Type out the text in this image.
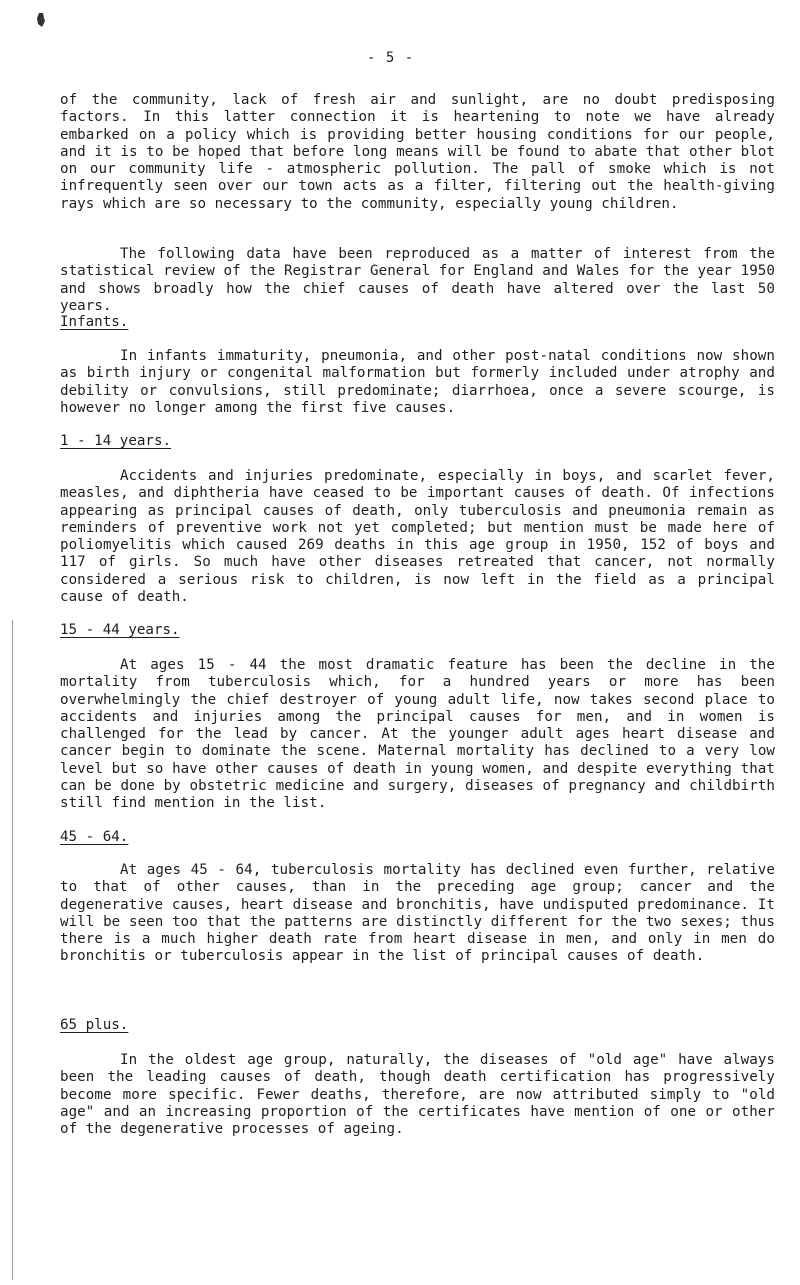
- 5 -

of the community, lack of fresh air and sunlight, are no doubt predisposing factors. In this latter connection it is heartening to note we have already embarked on a policy which is providing better housing conditions for our people, and it is to be hoped that before long means will be found to abate that other blot on our community life - atmospheric pollution. The pall of smoke which is not infrequently seen over our town acts as a filter, filtering out the health-giving rays which are so necessary to the community, especially young children.

The following data have been reproduced as a matter of interest from the statistical review of the Registrar General for England and Wales for the year 1950 and shows broadly how the chief causes of death have altered over the last 50 years.

Infants.

In infants immaturity, pneumonia, and other post-natal conditions now shown as birth injury or congenital malformation but formerly included under atrophy and debility or convulsions, still predominate; diarrhoea, once a severe scourge, is however no longer among the first five causes.

1 - 14 years.

Accidents and injuries predominate, especially in boys, and scarlet fever, measles, and diphtheria have ceased to be important causes of death. Of infections appearing as principal causes of death, only tuberculosis and pneumonia remain as reminders of preventive work not yet completed; but mention must be made here of poliomyelitis which caused 269 deaths in this age group in 1950, 152 of boys and 117 of girls. So much have other diseases retreated that cancer, not normally considered a serious risk to children, is now left in the field as a principal cause of death.

15 - 44 years.

At ages 15 - 44 the most dramatic feature has been the decline in the mortality from tuberculosis which, for a hundred years or more has been overwhelmingly the chief destroyer of young adult life, now takes second place to accidents and injuries among the principal causes for men, and in women is challenged for the lead by cancer. At the younger adult ages heart disease and cancer begin to dominate the scene. Maternal mortality has declined to a very low level but so have other causes of death in young women, and despite everything that can be done by obstetric medicine and surgery, diseases of pregnancy and childbirth still find mention in the list.

45 - 64.

At ages 45 - 64, tuberculosis mortality has declined even further, relative to that of other causes, than in the preceding age group; cancer and the degenerative causes, heart disease and bronchitis, have undisputed predominance. It will be seen too that the patterns are distinctly different for the two sexes; thus there is a much higher death rate from heart disease in men, and only in men do bronchitis or tuberculosis appear in the list of principal causes of death.

65 plus.

In the oldest age group, naturally, the diseases of "old age" have always been the leading causes of death, though death certification has progressively become more specific. Fewer deaths, therefore, are now attributed simply to "old age" and an increasing proportion of the certificates have mention of one or other of the degenerative processes of ageing.
